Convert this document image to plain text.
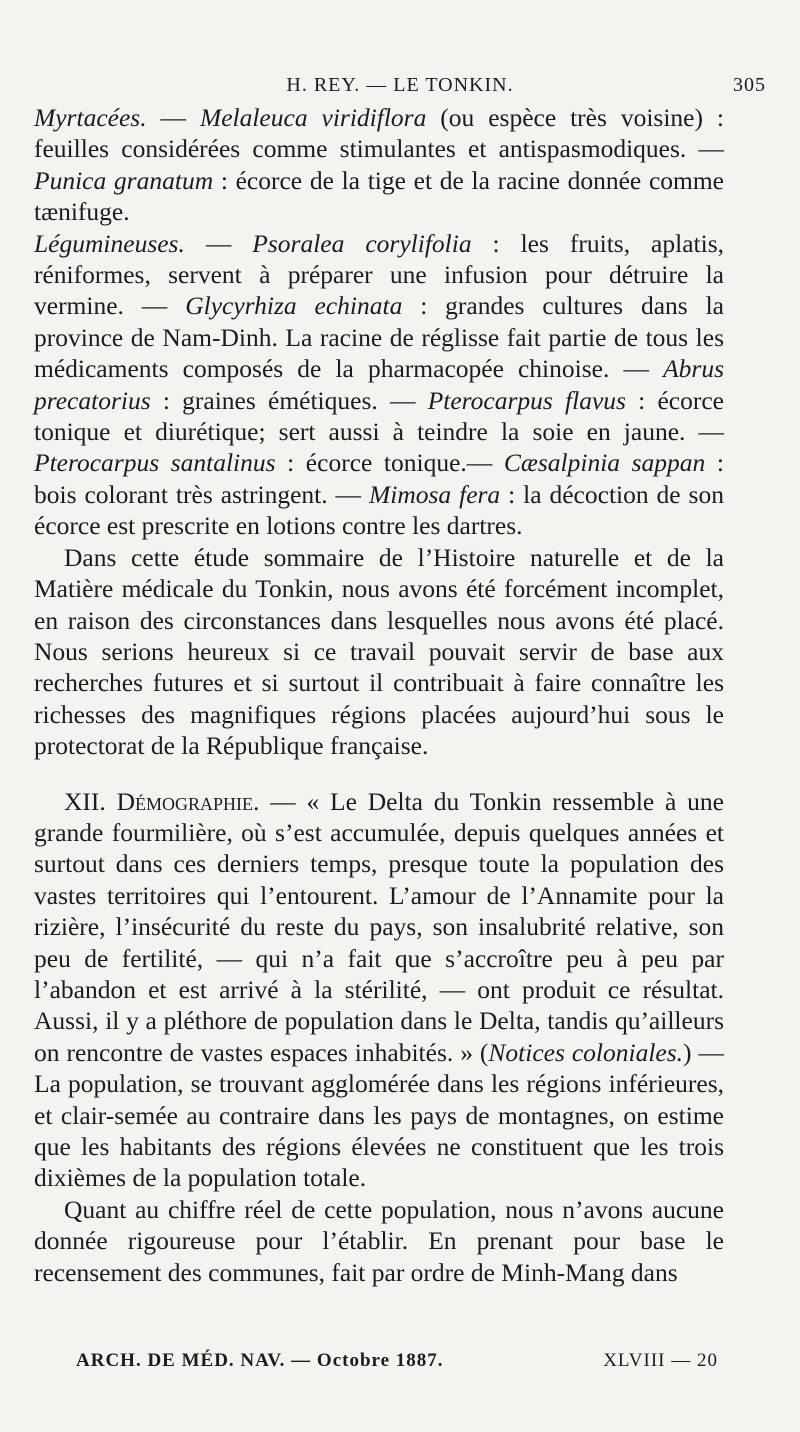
H. REY. — LE TONKIN.	305

Myrtacées. — Melaleuca viridiflora (ou espèce très voisine) : feuilles considérées comme stimulantes et antispasmodiques. — Punica granatum : écorce de la tige et de la racine donnée comme tænifuge.

Légumineuses. — Psoralea corylifolia : les fruits, aplatis, réniformes, servent à préparer une infusion pour détruire la vermine. — Glycyrhiza echinata : grandes cultures dans la province de Nam-Dinh. La racine de réglisse fait partie de tous les médicaments composés de la pharmacopée chinoise. — Abrus precatorius : graines émétiques. — Pterocarpus flavus : écorce tonique et diurétique; sert aussi à teindre la soie en jaune. — Pterocarpus santalinus : écorce tonique.— Cæsalpinia sappan : bois colorant très astringent. — Mimosa fera : la décoction de son écorce est prescrite en lotions contre les dartres.

Dans cette étude sommaire de l’Histoire naturelle et de la Matière médicale du Tonkin, nous avons été forcément incomplet, en raison des circonstances dans lesquelles nous avons été placé. Nous serions heureux si ce travail pouvait servir de base aux recherches futures et si surtout il contribuait à faire connaître les richesses des magnifiques régions placées aujourd’hui sous le protectorat de la République française.

XII. Démographie. — « Le Delta du Tonkin ressemble à une grande fourmilière, où s’est accumulée, depuis quelques années et surtout dans ces derniers temps, presque toute la population des vastes territoires qui l’entourent. L’amour de l’Annamite pour la rizière, l’insécurité du reste du pays, son insalubrité relative, son peu de fertilité, — qui n’a fait que s’accroître peu à peu par l’abandon et est arrivé à la stérilité, — ont produit ce résultat. Aussi, il y a pléthore de population dans le Delta, tandis qu’ailleurs on rencontre de vastes espaces inhabités. » (Notices coloniales.) — La population, se trouvant agglomérée dans les régions inférieures, et clair-semée au contraire dans les pays de montagnes, on estime que les habitants des régions élevées ne constituent que les trois dixièmes de la population totale.

Quant au chiffre réel de cette population, nous n’avons aucune donnée rigoureuse pour l’établir. En prenant pour base le recensement des communes, fait par ordre de Minh-Mang dans

ARCH. DE MÉD. NAV. — Octobre 1887.	XLVIII — 20
